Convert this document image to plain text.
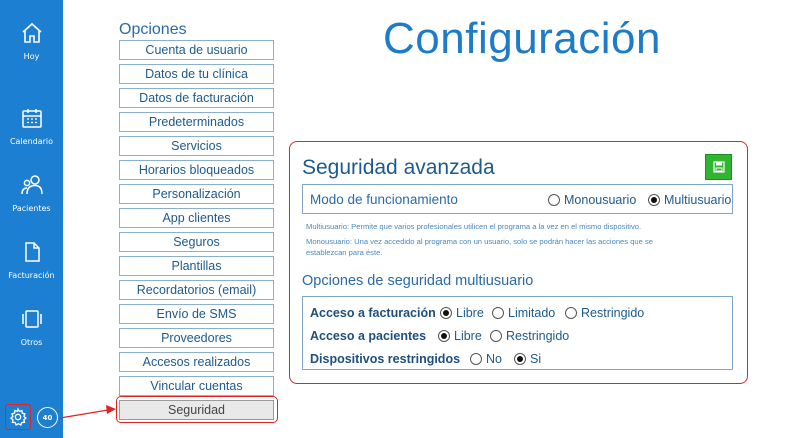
Hoy
Calendario
Pacientes
Facturación
Otros
40
Opciones
Cuenta de usuario
Datos de tu clínica
Datos de facturación
Predeterminados
Servicios
Horarios bloqueados
Personalización
App clientes
Seguros
Plantillas
Recordatorios (email)
Envío de SMS
Proveedores
Accesos realizados
Vincular cuentas
Seguridad
Configuración
Seguridad avanzada
Modo de funcionamiento	Monousuario Multiusuario
Multiusuario: Permite que varios profesionales utilicen el programa a la vez en el mismo dispositivo.
Monousuario: Una vez accedido al programa con un usuario, solo se podrán hacer las acciones que se
establezcan para éste.
Opciones de seguridad multiusuario
Acceso a facturación Libre Limitado Restringido
Acceso a pacientes Libre Restringido
Dispositivos restringidos No Si
